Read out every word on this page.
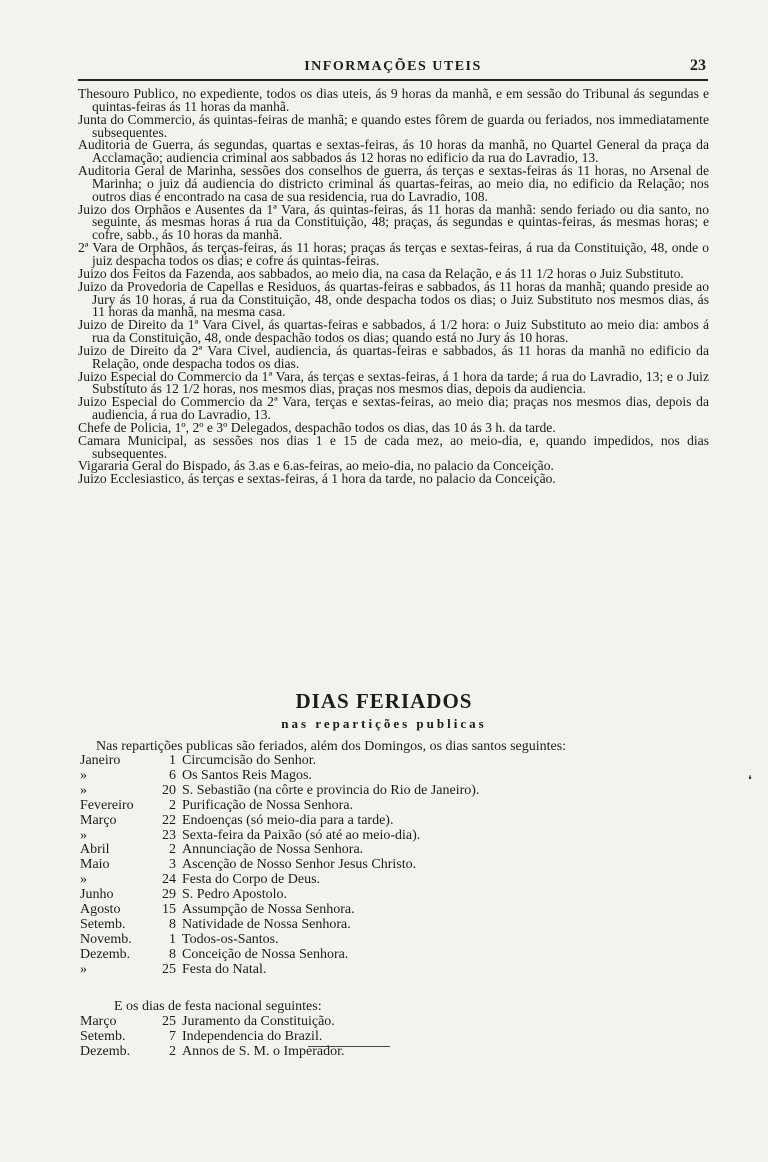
INFORMAÇÕES UTEIS	23

Thesouro Publico, no expediente, todos os dias uteis, ás 9 horas da manhã, e em sessão do Tribunal ás segundas e quintas-feiras ás 11 horas da manhã.

Junta do Commercio, ás quintas-feiras de manhã; e quando estes fôrem de guarda ou feriados, nos immediatamente subsequentes.

Auditoria de Guerra, ás segundas, quartas e sextas-feiras, ás 10 horas da manhã, no Quartel General da praça da Acclamação; audiencia criminal aos sabbados ás 12 horas no edificio da rua do Lavradio, 13.

Auditoria Geral de Marinha, sessões dos conselhos de guerra, ás terças e sextas-feiras ás 11 horas, no Arsenal de Marinha; o juiz dá audiencia do districto criminal ás quartas-feiras, ao meio dia, no edificio da Relação; nos outros dias é encontrado na casa de sua residencia, rua do Lavradio, 108.

Juizo dos Orphãos e Ausentes da 1ª Vara, ás quintas-feiras, ás 11 horas da manhã: sendo feriado ou dia santo, no seguinte, ás mesmas horas á rua da Constituição, 48; praças, ás segundas e quintas-feiras, ás mesmas horas; e cofre, sabb., ás 10 horas da manhã.

2ª Vara de Orphãos, ás terças-feiras, ás 11 horas; praças ás terças e sextas-feiras, á rua da Constituição, 48, onde o juiz despacha todos os dias; e cofre ás quintas-feiras.

Juizo dos Feitos da Fazenda, aos sabbados, ao meio dia, na casa da Relação, e ás 11 1/2 horas o Juiz Substituto.

Juizo da Provedoria de Capellas e Residuos, ás quartas-feiras e sabbados, ás 11 horas da manhã; quando preside ao Jury ás 10 horas, á rua da Constituição, 48, onde despacha todos os dias; o Juiz Substituto nos mesmos dias, ás 11 horas da manhã, na mesma casa.

Juizo de Direito da 1ª Vara Civel, ás quartas-feiras e sabbados, á 1/2 hora: o Juiz Substituto ao meio dia: ambos á rua da Constituição, 48, onde despachão todos os dias; quando está no Jury ás 10 horas.

Juizo de Direito da 2ª Vara Civel, audiencia, ás quartas-feiras e sabbados, ás 11 horas da manhã no edificio da Relação, onde despacha todos os dias.

Juizo Especial do Commercio da 1ª Vara, ás terças e sextas-feiras, á 1 hora da tarde; á rua do Lavradio, 13; e o Juiz Substituto ás 12 1/2 horas, nos mesmos dias, praças nos mesmos dias, depois da audiencia.

Juizo Especial do Commercio da 2ª Vara, terças e sextas-feiras, ao meio dia; praças nos mesmos dias, depois da audiencia, á rua do Lavradio, 13.

Chefe de Policia, 1º, 2º e 3º Delegados, despachão todos os dias, das 10 ás 3 h. da tarde.

Camara Municipal, as sessões nos dias 1 e 15 de cada mez, ao meio-dia, e, quando impedidos, nos dias subsequentes.

Vigararia Geral do Bispado, ás 3.as e 6.as-feiras, ao meio-dia, no palacio da Conceição.

Juizo Ecclesiastico, ás terças e sextas-feiras, á 1 hora da tarde, no palacio da Conceição.

DIAS FERIADOS
nas repartições publicas
Nas repartições publicas são feriados, além dos Domingos, os dias santos seguintes:
Janeiro	1 Circumcisão do Senhor.
»	6 Os Santos Reis Magos.
»	20 S. Sebastião (na côrte e provincia do Rio de Janeiro).
Fevereiro	2 Purificação de Nossa Senhora.
Março	22 Endoenças (só meio-dia para a tarde).
»	23 Sexta-feira da Paixão (só até ao meio-dia).
Abril	2 Annunciação de Nossa Senhora.
Maio	3 Ascenção de Nosso Senhor Jesus Christo.
»	24 Festa do Corpo de Deus.
Junho	29 S. Pedro Apostolo.
Agosto	15 Assumpção de Nossa Senhora.
Setemb.	8 Natividade de Nossa Senhora.
Novemb.	1 Todos-os-Santos.
Dezemb.	8 Conceição de Nossa Senhora.
»	25 Festa do Natal.
E os dias de festa nacional seguintes:
Março	25 Juramento da Constituição.
Setemb.	7 Independencia do Brazil.
Dezemb.	2 Annos de S. M. o Imperador.
❛
